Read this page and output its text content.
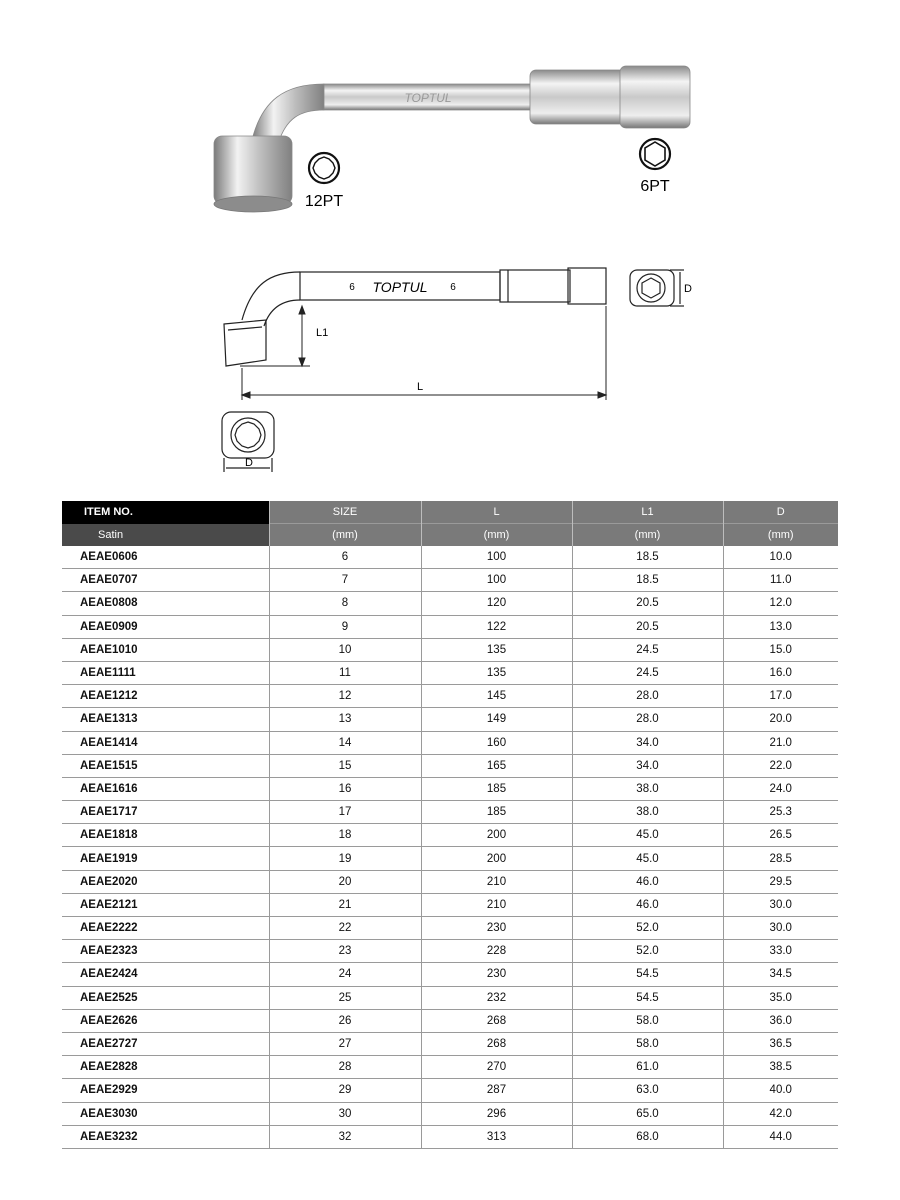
TOPTUL
12PT
6PT
6 TOPTUL 6
L1
L
D
D
ITEM NO.	SIZE	L	L1	D
Satin	(mm)	(mm)	(mm)	(mm)
AEAE0606	6	100	18.5	10.0
AEAE0707	7	100	18.5	11.0
AEAE0808	8	120	20.5	12.0
AEAE0909	9	122	20.5	13.0
AEAE1010	10	135	24.5	15.0
AEAE1111	11	135	24.5	16.0
AEAE1212	12	145	28.0	17.0
AEAE1313	13	149	28.0	20.0
AEAE1414	14	160	34.0	21.0
AEAE1515	15	165	34.0	22.0
AEAE1616	16	185	38.0	24.0
AEAE1717	17	185	38.0	25.3
AEAE1818	18	200	45.0	26.5
AEAE1919	19	200	45.0	28.5
AEAE2020	20	210	46.0	29.5
AEAE2121	21	210	46.0	30.0
AEAE2222	22	230	52.0	30.0
AEAE2323	23	228	52.0	33.0
AEAE2424	24	230	54.5	34.5
AEAE2525	25	232	54.5	35.0
AEAE2626	26	268	58.0	36.0
AEAE2727	27	268	58.0	36.5
AEAE2828	28	270	61.0	38.5
AEAE2929	29	287	63.0	40.0
AEAE3030	30	296	65.0	42.0
AEAE3232	32	313	68.0	44.0
